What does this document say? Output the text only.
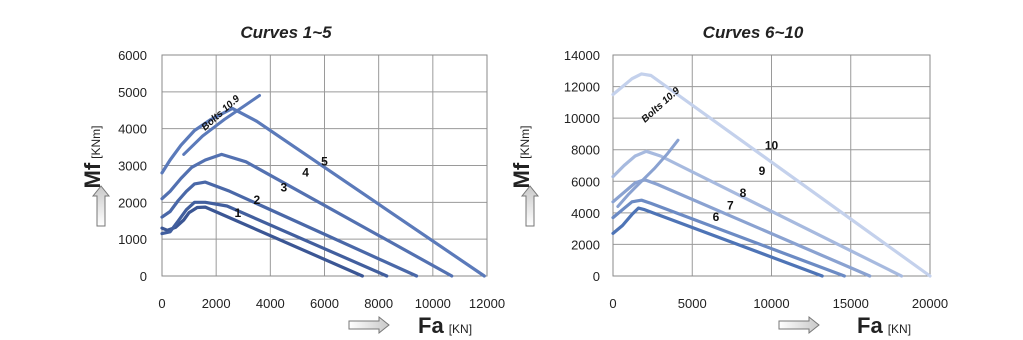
0	2000 4000 6000 8000 10000 12000
0
1000
2000
3000
4000
5000
6000
1
2
3
4
5
Bolts 10.9
Curves 1~5
Mf[KNm]
Fa [KN]
0	5000	10000	15000	20000
0
2000
4000
6000
8000
10000
12000
14000
6
7
8
9
10
Bolts 10.9
Curves 6~10
Mf[KNm]
Fa [KN]
